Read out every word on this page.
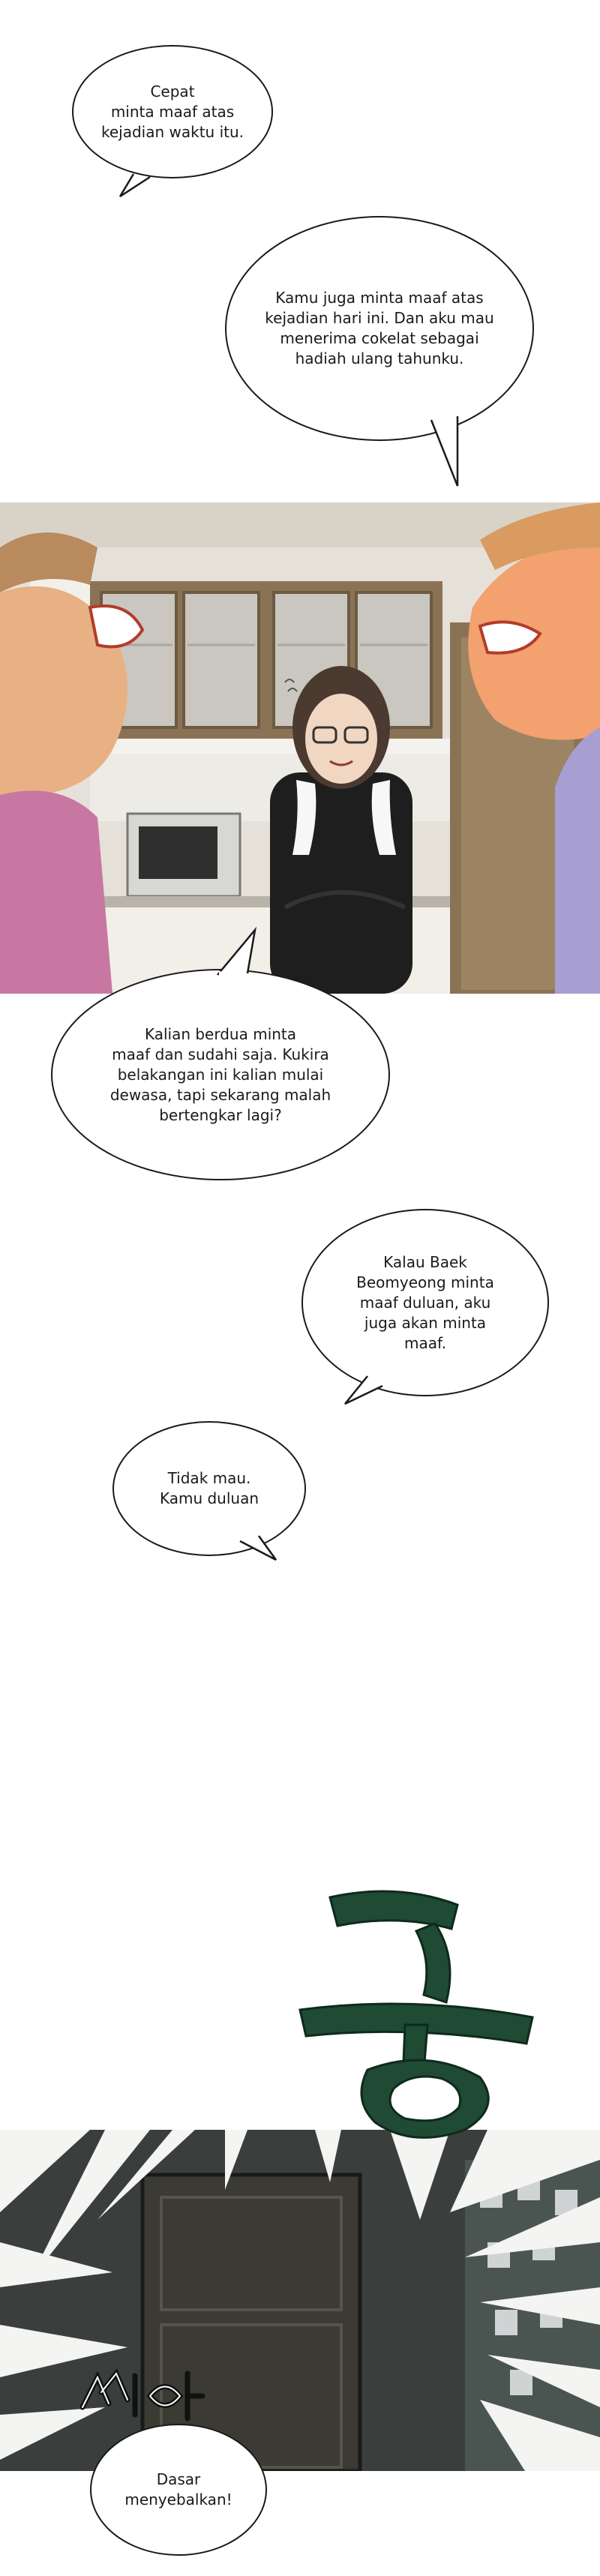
Cepat
minta maaf atas
kejadian waktu itu.
Kamu juga minta maaf atas
kejadian hari ini. Dan aku mau
menerima cokelat sebagai
hadiah ulang tahunku.
Kalian berdua minta
maaf dan sudahi saja. Kukira
belakangan ini kalian mulai
dewasa, tapi sekarang malah
bertengkar lagi?
Kalau Baek
Beomyeong minta
maaf duluan, aku
juga akan minta
maaf.
Tidak mau.
Kamu duluan
Dasar
menyebalkan!
